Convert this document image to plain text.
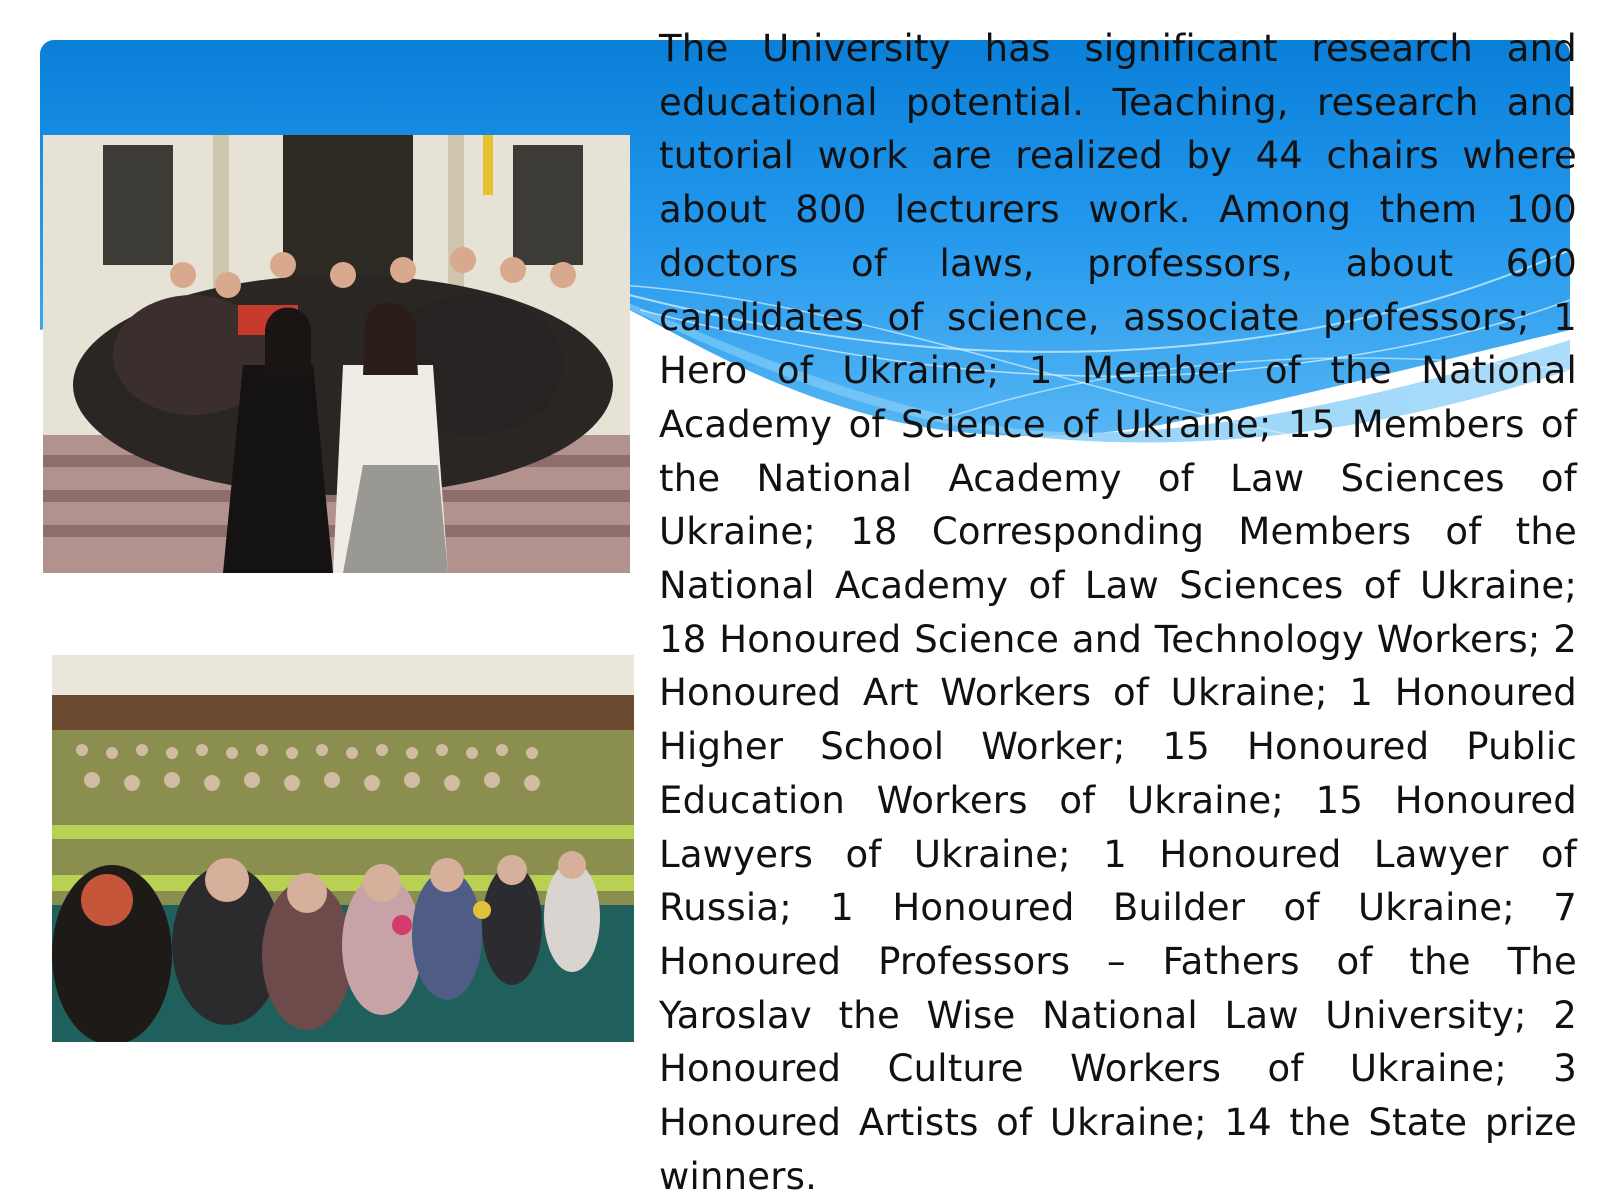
The University has significant research and educational potential. Teaching, research and tutorial work are realized by 44 chairs where about 800 lecturers work. Among them 100 doctors of laws, professors, about 600 candidates of science, associate professors; 1 Hero of Ukraine; 1 Member of the National Academy of Science of Ukraine; 15 Members of the National Academy of Law Sciences of Ukraine; 18 Corresponding Members of the National Academy of Law Sciences of Ukraine; 18 Honoured Science and Technology Workers; 2 Honoured Art Workers of Ukraine; 1 Honoured Higher School Worker; 15 Honoured Public Education Workers of Ukraine; 15 Honoured Lawyers of Ukraine; 1 Honoured Lawyer of Russia; 1 Honoured Builder of Ukraine; 7 Honoured Professors – Fathers of the The Yaroslav the Wise National Law University; 2 Honoured Culture Workers of Ukraine; 3 Honoured Artists of Ukraine; 14 the State prize winners.
